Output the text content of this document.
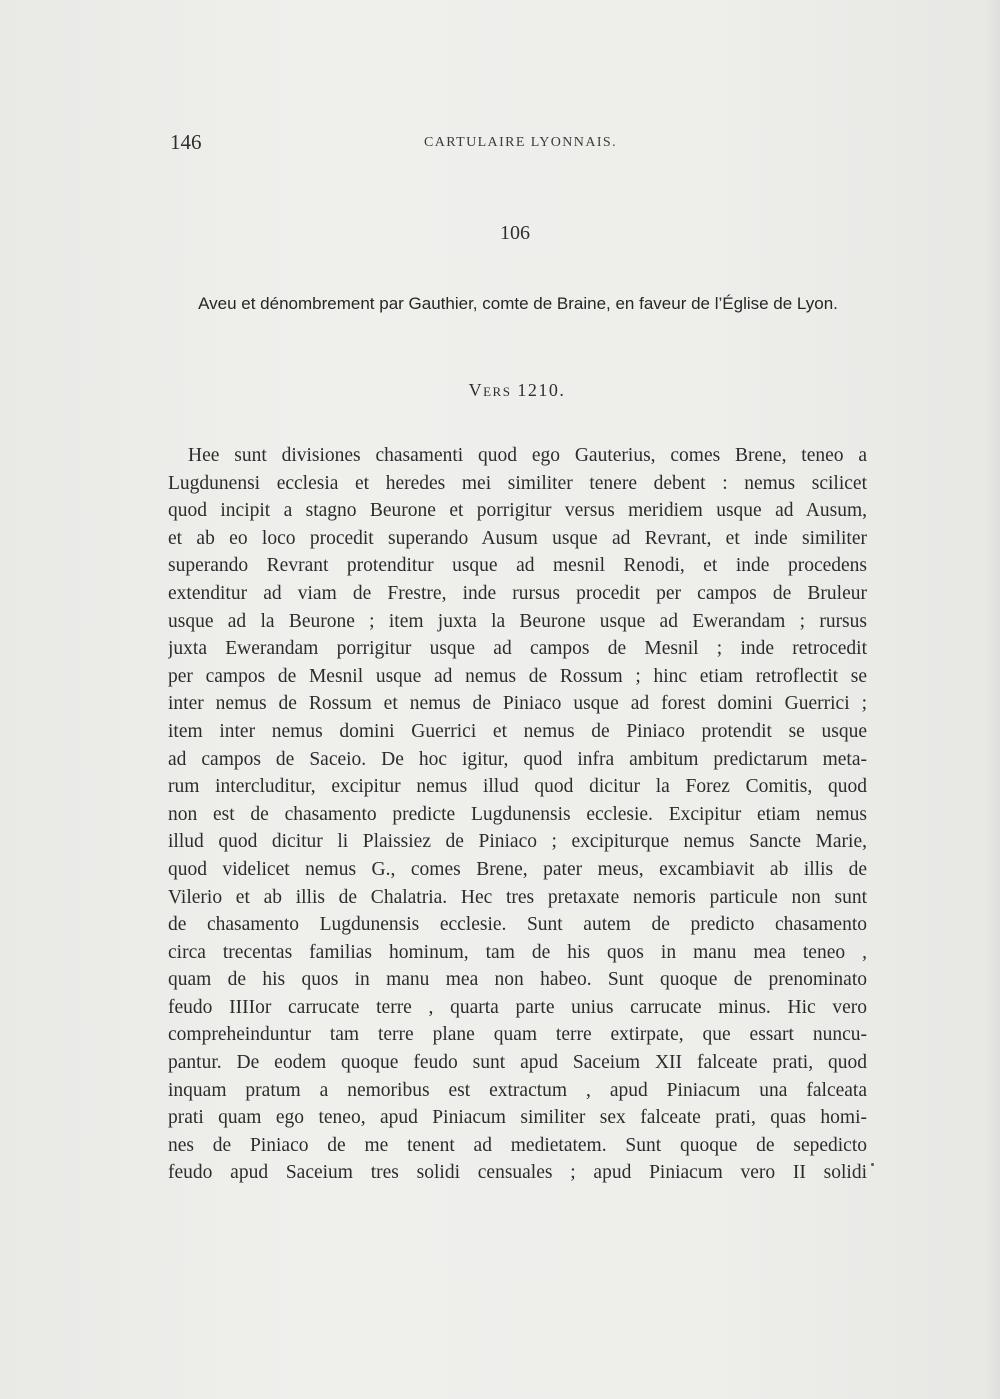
146	CARTULAIRE LYONNAIS.
106
Aveu et dénombrement par Gauthier, comte de Braine, en faveur de l’Église de Lyon.
Vers 1210.
Hee sunt divisiones chasamenti quod ego Gauterius, comes Brene, teneo a
Lugdunensi ecclesia et heredes mei similiter tenere debent : nemus scilicet
quod incipit a stagno Beurone et porrigitur versus meridiem usque ad Ausum,
et ab eo loco procedit superando Ausum usque ad Revrant, et inde similiter
superando Revrant protenditur usque ad mesnil Renodi, et inde procedens
extenditur ad viam de Frestre, inde rursus procedit per campos de Bruleur
usque ad la Beurone ; item juxta la Beurone usque ad Ewerandam ; rursus
juxta Ewerandam porrigitur usque ad campos de Mesnil ; inde retrocedit
per campos de Mesnil usque ad nemus de Rossum ; hinc etiam retroflectit se
inter nemus de Rossum et nemus de Piniaco usque ad forest domini Guerrici ;
item inter nemus domini Guerrici et nemus de Piniaco protendit se usque
ad campos de Saceio. De hoc igitur, quod infra ambitum predictarum meta-
rum intercluditur, excipitur nemus illud quod dicitur la Forez Comitis, quod
non est de chasamento predicte Lugdunensis ecclesie. Excipitur etiam nemus
illud quod dicitur li Plaissiez de Piniaco ; excipiturque nemus Sancte Marie,
quod videlicet nemus G., comes Brene, pater meus, excambiavit ab illis de
Vilerio et ab illis de Chalatria. Hec tres pretaxate nemoris particule non sunt
de chasamento Lugdunensis ecclesie. Sunt autem de predicto chasamento
circa trecentas familias hominum, tam de his quos in manu mea teneo ,
quam de his quos in manu mea non habeo. Sunt quoque de prenominato
feudo IIIIor carrucate terre , quarta parte unius carrucate minus. Hic vero
compreheinduntur tam terre plane quam terre extirpate, que essart nuncu-
pantur. De eodem quoque feudo sunt apud Saceium XII falceate prati, quod
inquam pratum a nemoribus est extractum , apud Piniacum una falceata
prati quam ego teneo, apud Piniacum similiter sex falceate prati, quas homi-
nes de Piniaco de me tenent ad medietatem. Sunt quoque de sepedicto
feudo apud Saceium tres solidi censuales ; apud Piniacum vero II solidi
